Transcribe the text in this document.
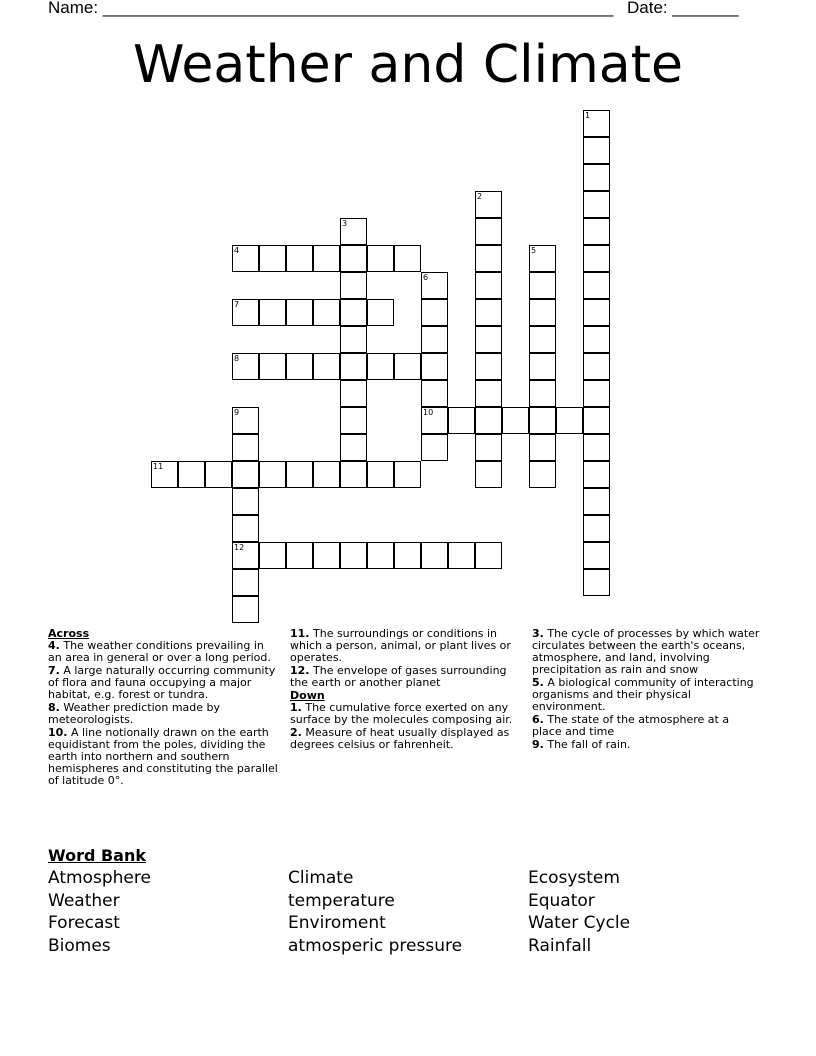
Name: ______________________________________________________ Date: _______
Weather and Climate
1
2
3
4	5
6
10
7
8
9
12
11
Across
4. The weather conditions prevailing in an area in general or over a long period.
7. A large naturally occurring community of flora and fauna occupying a major habitat, e.g. forest or tundra.
8. Weather prediction made by meteorologists.
10. A line notionally drawn on the earth equidistant from the poles, dividing the earth into northern and southern hemispheres and constituting the parallel of latitude 0°.
11. The surroundings or conditions in which a person, animal, or plant lives or operates.
12. The envelope of gases surrounding the earth or another planet
Down
1. The cumulative force exerted on any surface by the molecules composing air.
2. Measure of heat usually displayed as degrees celsius or fahrenheit.
3. The cycle of processes by which water circulates between the earth's oceans, atmosphere, and land, involving precipitation as rain and snow
5. A biological community of interacting organisms and their physical environment.
6. The state of the atmosphere at a place and time
9. The fall of rain.
Word Bank
Atmosphere
Weather
Forecast
Biomes
Climate
temperature
Enviroment
atmosperic pressure
Ecosystem
Equator
Water Cycle
Rainfall
